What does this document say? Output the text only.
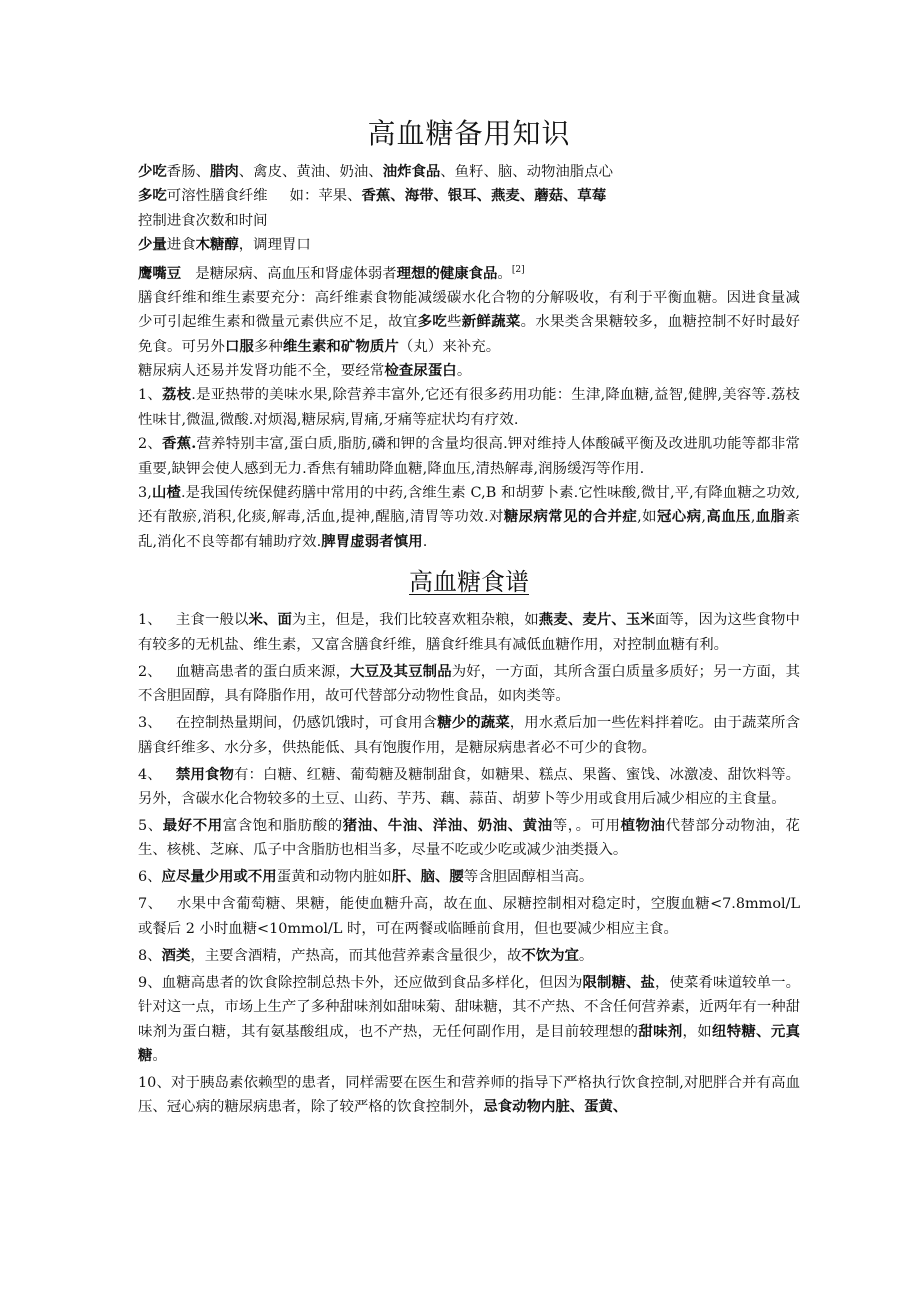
高血糖备用知识

少吃香肠、腊肉、禽皮、黄油、奶油、油炸食品、鱼籽、脑、动物油脂点心

多吃可溶性膳食纤维 如：苹果、香蕉、海带、银耳、燕麦、蘑菇、草莓

控制进食次数和时间

少量进食木糖醇，调理胃口

鹰嘴豆 是糖尿病、高血压和肾虚体弱者理想的健康食品。[2]

膳食纤维和维生素要充分：高纤维素食物能减缓碳水化合物的分解吸收，有利于平衡血糖。因进食量减少可引起维生素和微量元素供应不足，故宜多吃些新鲜蔬菜。水果类含果糖较多，血糖控制不好时最好免食。可另外口服多种维生素和矿物质片（丸）来补充。

糖尿病人还易并发肾功能不全，要经常检查尿蛋白。

1、荔枝.是亚热带的美味水果,除营养丰富外,它还有很多药用功能：生津,降血糖,益智,健脾,美容等.荔枝性味甘,微温,微酸.对烦渴,糖尿病,胃痛,牙痛等症状均有疗效.

2、香蕉.营养特别丰富,蛋白质,脂肪,磷和钾的含量均很高.钾对维持人体酸碱平衡及改进肌功能等都非常重要,缺钾会使人感到无力.香焦有辅助降血糖,降血压,清热解毒,润肠缓泻等作用.

3,山楂.是我国传统保健药膳中常用的中药,含维生素 C,B 和胡萝卜素.它性味酸,微甘,平,有降血糖之功效,还有散瘀,消积,化痰,解毒,活血,提神,醒脑,清胃等功效.对糖尿病常见的合并症,如冠心病,高血压,血脂紊乱,消化不良等都有辅助疗效.脾胃虚弱者慎用.

高血糖食谱

1、 主食一般以米、面为主，但是，我们比较喜欢粗杂粮，如燕麦、麦片、玉米面等，因为这些食物中有较多的无机盐、维生素，又富含膳食纤维，膳食纤维具有减低血糖作用，对控制血糖有利。

2、 血糖高患者的蛋白质来源，大豆及其豆制品为好，一方面，其所含蛋白质量多质好；另一方面，其不含胆固醇，具有降脂作用，故可代替部分动物性食品，如肉类等。

3、 在控制热量期间，仍感饥饿时，可食用含糖少的蔬菜，用水煮后加一些佐料拌着吃。由于蔬菜所含膳食纤维多、水分多，供热能低、具有饱腹作用，是糖尿病患者必不可少的食物。

4、 禁用食物有：白糖、红糖、葡萄糖及糖制甜食，如糖果、糕点、果酱、蜜饯、冰激凌、甜饮料等。另外，含碳水化合物较多的土豆、山药、芋艿、藕、蒜苗、胡萝卜等少用或食用后减少相应的主食量。

5、最好不用富含饱和脂肪酸的猪油、牛油、洋油、奶油、黄油等，。可用植物油代替部分动物油，花生、核桃、芝麻、瓜子中含脂肪也相当多，尽量不吃或少吃或减少油类摄入。

6、应尽量少用或不用蛋黄和动物内脏如肝、脑、腰等含胆固醇相当高。

7、 水果中含葡萄糖、果糖，能使血糖升高，故在血、尿糖控制相对稳定时，空腹血糖<7.8mmol/L 或餐后 2 小时血糖<10mmol/L 时，可在两餐或临睡前食用，但也要减少相应主食。

8、酒类，主要含酒精，产热高，而其他营养素含量很少，故不饮为宜。

9、血糖高患者的饮食除控制总热卡外，还应做到食品多样化，但因为限制糖、盐，使菜肴味道较单一。针对这一点，市场上生产了多种甜味剂如甜味菊、甜味糖，其不产热、不含任何营养素，近两年有一种甜味剂为蛋白糖，其有氨基酸组成，也不产热，无任何副作用，是目前较理想的甜味剂，如纽特糖、元真糖。

10、对于胰岛素依赖型的患者，同样需要在医生和营养师的指导下严格执行饮食控制,对肥胖合并有高血压、冠心病的糖尿病患者，除了较严格的饮食控制外，忌食动物内脏、蛋黄、
